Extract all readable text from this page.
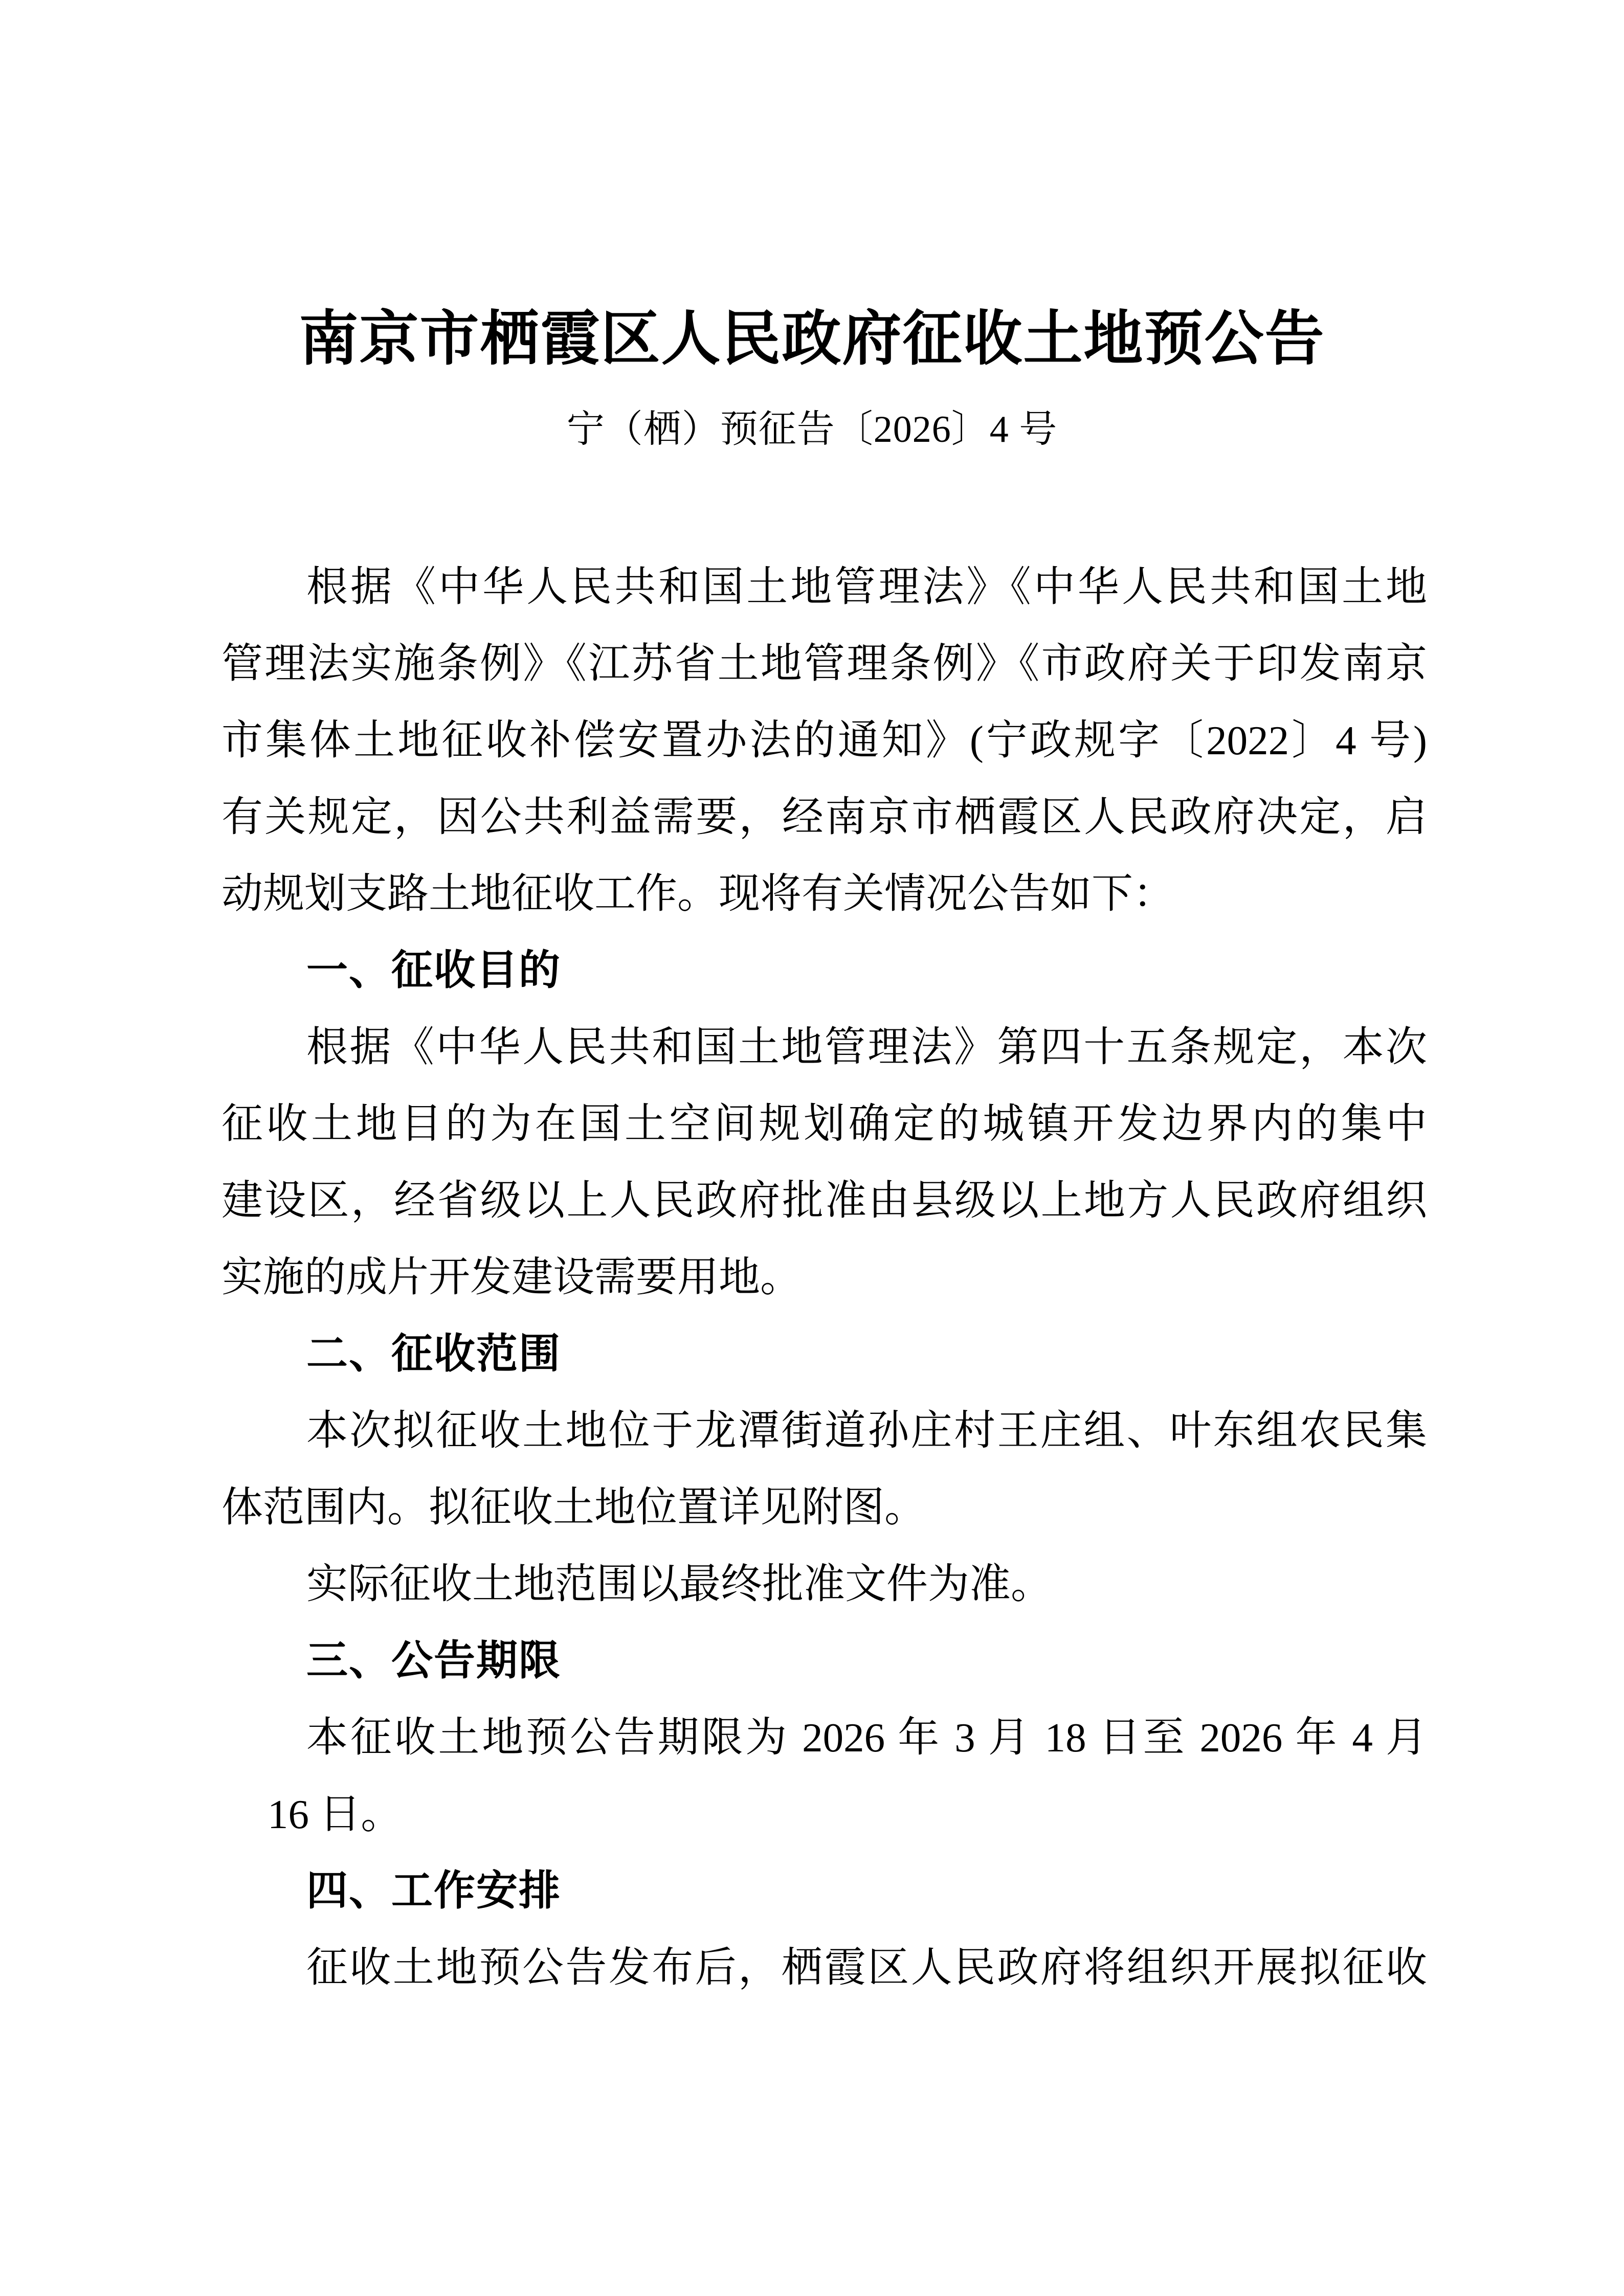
南京市栖霞区人民政府征收土地预公告
宁（栖）预征告〔2026〕4 号
根据《中华人民共和国土地管理法》《中华人民共和国土地
管理法实施条例》《江苏省土地管理条例》《市政府关于印发南京
市集体土地征收补偿安置办法的通知》(宁政规字〔2022〕4 号)
有关规定，因公共利益需要，经南京市栖霞区人民政府决定，启
动规划支路土地征收工作。现将有关情况公告如下：
一、征收目的
根据《中华人民共和国土地管理法》第四十五条规定，本次
征收土地目的为在国土空间规划确定的城镇开发边界内的集中
建设区，经省级以上人民政府批准由县级以上地方人民政府组织
实施的成片开发建设需要用地。
二、征收范围
本次拟征收土地位于龙潭街道孙庄村王庄组、叶东组农民集
体范围内。拟征收土地位置详见附图。
实际征收土地范围以最终批准文件为准。
三、公告期限
本征收土地预公告期限为 2026 年 3 月 18 日至 2026 年 4 月
16 日。
四、工作安排
征收土地预公告发布后，栖霞区人民政府将组织开展拟征收
